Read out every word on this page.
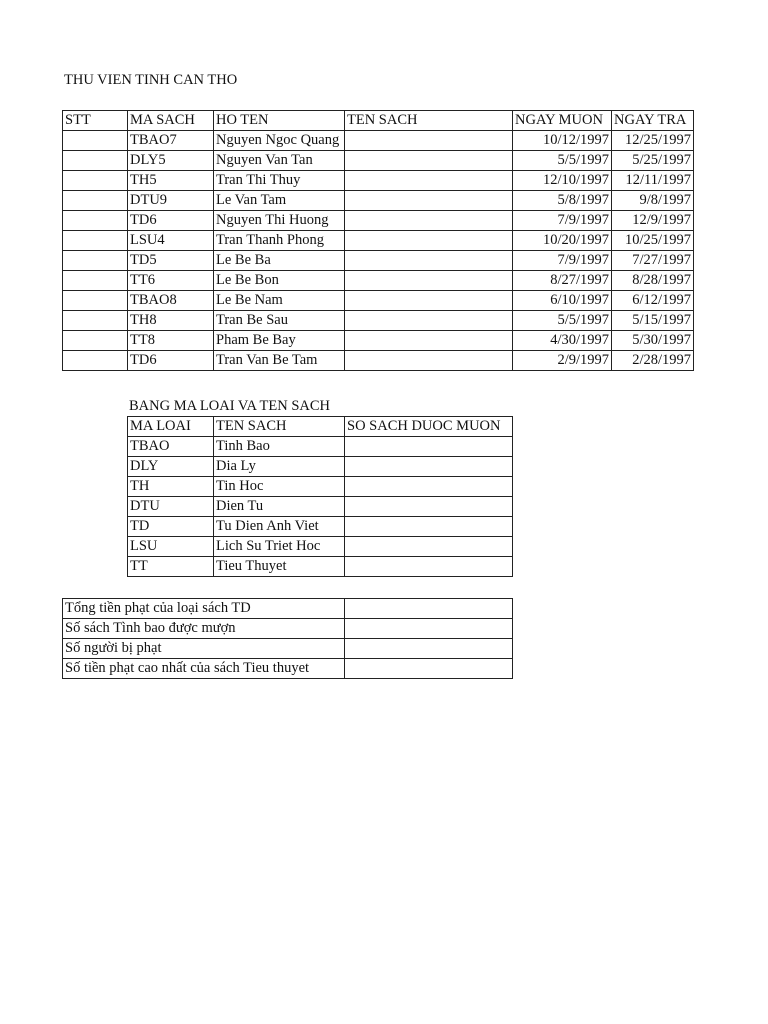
THU VIEN TINH CAN THO
STT	MA SACH	HO TEN	TEN SACH	NGAY MUON	NGAY TRA
	TBAO7	Nguyen Ngoc Quang		10/12/1997	12/25/1997
	DLY5	Nguyen Van Tan		5/5/1997	5/25/1997
	TH5	Tran Thi Thuy		12/10/1997	12/11/1997
	DTU9	Le Van Tam		5/8/1997	9/8/1997
	TD6	Nguyen Thi Huong		7/9/1997	12/9/1997
	LSU4	Tran Thanh Phong		10/20/1997	10/25/1997
	TD5	Le Be Ba		7/9/1997	7/27/1997
	TT6	Le Be Bon		8/27/1997	8/28/1997
	TBAO8	Le Be Nam		6/10/1997	6/12/1997
	TH8	Tran Be Sau		5/5/1997	5/15/1997
	TT8	Pham Be Bay		4/30/1997	5/30/1997
	TD6	Tran Van Be Tam		2/9/1997	2/28/1997
BANG MA LOAI VA TEN SACH
MA LOAI	TEN SACH	SO SACH DUOC MUON
TBAO	Tinh Bao	
DLY	Dia Ly	
TH	Tin Hoc	
DTU	Dien Tu	
TD	Tu Dien Anh Viet	
LSU	Lich Su Triet Hoc	
TT	Tieu Thuyet	
Tổng tiền phạt của loại sách TD	
Số sách Tình bao được mượn	
Số người bị phạt	
Số tiền phạt cao nhất của sách Tieu thuyet	
